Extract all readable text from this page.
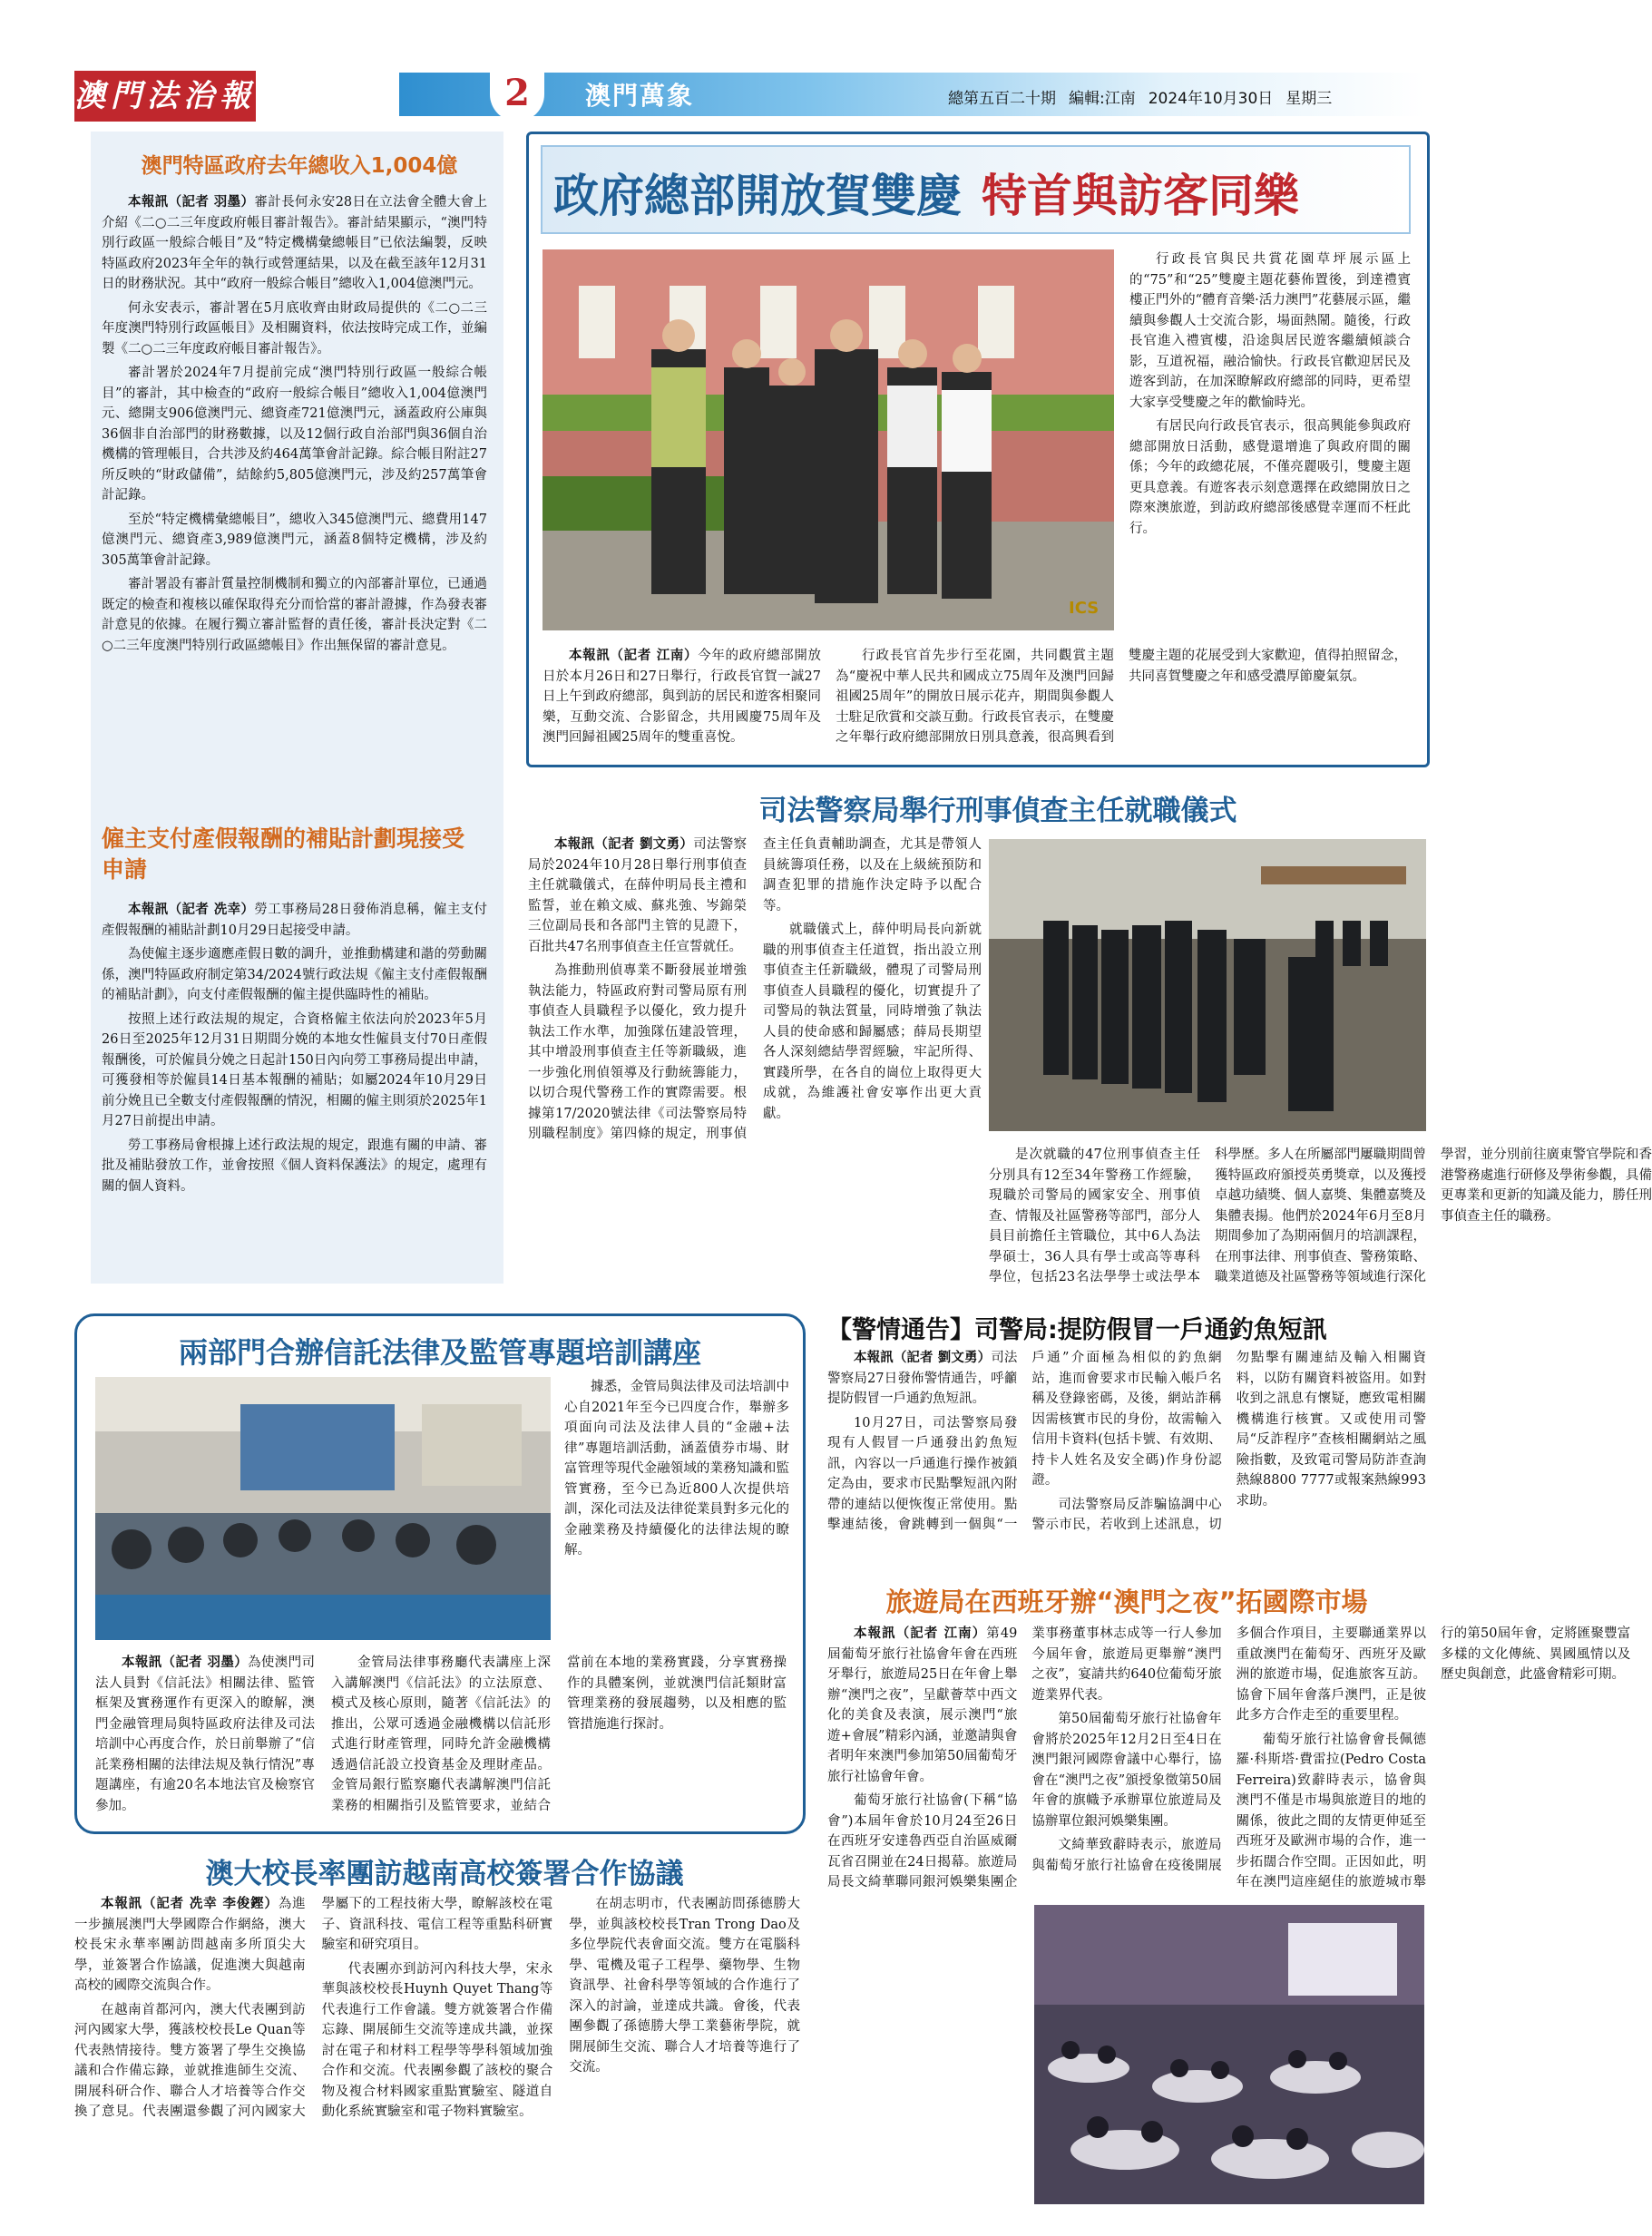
澳門法治報	2	澳門萬象	總第五百二十期 編輯:江南 2024年10月30日 星期三
澳門特區政府去年總收入1,004億

本報訊（記者 羽墨）審計長何永安28日在立法會全體大會上介紹《二○二三年度政府帳目審計報告》。審計結果顯示，“澳門特別行政區一般綜合帳目”及“特定機構彙總帳目”已依法編製，反映特區政府2023年全年的執行或營運結果，以及在截至該年12月31日的財務狀況。其中“政府一般綜合帳目”總收入1,004億澳門元。

何永安表示，審計署在5月底收齊由財政局提供的《二○二三年度澳門特別行政區帳目》及相關資料，依法按時完成工作，並編製《二○二三年度政府帳目審計報告》。

審計署於2024年7月提前完成“澳門特別行政區一般綜合帳目”的審計，其中檢查的“政府一般綜合帳目”總收入1,004億澳門元、總開支906億澳門元、總資產721億澳門元，涵蓋政府公庫與36個非自治部門的財務數據，以及12個行政自治部門與36個自治機構的管理帳目，合共涉及約464萬筆會計記錄。綜合帳目附註27所反映的“財政儲備”，結餘約5,805億澳門元，涉及約257萬筆會計記錄。

至於“特定機構彙總帳目”，總收入345億澳門元、總費用147億澳門元、總資產3,989億澳門元，涵蓋8個特定機構，涉及約305萬筆會計記錄。

審計署設有審計質量控制機制和獨立的內部審計單位，已通過既定的檢查和複核以確保取得充分而恰當的審計證據，作為發表審計意見的依據。在履行獨立審計監督的責任後，審計長決定對《二○二三年度澳門特別行政區總帳目》作出無保留的審計意見。

僱主支付產假報酬的補貼計劃現接受申請

本報訊（記者 冼幸）勞工事務局28日發佈消息稱，僱主支付產假報酬的補貼計劃10月29日起接受申請。

為使僱主逐步適應產假日數的調升，並推動構建和諧的勞動關係，澳門特區政府制定第34/2024號行政法規《僱主支付產假報酬的補貼計劃》，向支付產假報酬的僱主提供臨時性的補貼。

按照上述行政法規的規定，合資格僱主依法向於2023年5月26日至2025年12月31日期間分娩的本地女性僱員支付70日產假報酬後，可於僱員分娩之日起計150日內向勞工事務局提出申請，可獲發相等於僱員14日基本報酬的補貼；如屬2024年10月29日前分娩且已全數支付產假報酬的情況，相關的僱主則須於2025年1月27日前提出申請。

勞工事務局會根據上述行政法規的規定，跟進有關的申請、審批及補貼發放工作，並會按照《個人資料保護法》的規定，處理有關的個人資料。

政府總部開放賀雙慶 特首與訪客同樂
ICS

本報訊（記者 江南）今年的政府總部開放日於本月26日和27日舉行，行政長官賀一誠27日上午到政府總部，與到訪的居民和遊客相聚同樂，互動交流、合影留念，共用國慶75周年及澳門回歸祖國25周年的雙重喜悅。

行政長官首先步行至花園，共同觀賞主題為“慶祝中華人民共和國成立75周年及澳門回歸祖國25周年”的開放日展示花卉，期間與參觀人士駐足欣賞和交談互動。行政長官表示，在雙慶之年舉行政府總部開放日別具意義，很高興看到雙慶主題的花展受到大家歡迎，值得拍照留念，共同喜賀雙慶之年和感受濃厚節慶氣氛。

行政長官與民共賞花園草坪展示區上的“75”和“25”雙慶主題花藝佈置後，到達禮賓樓正門外的“體育音樂·活力澳門”花藝展示區，繼續與參觀人士交流合影，場面熱鬧。隨後，行政長官進入禮賓樓，沿途與居民遊客繼續傾談合影，互道祝福，融洽愉快。行政長官歡迎居民及遊客到訪，在加深瞭解政府總部的同時，更希望大家享受雙慶之年的歡愉時光。

有居民向行政長官表示，很高興能參與政府總部開放日活動，感覺還增進了與政府間的關係；今年的政總花展，不僅亮麗吸引，雙慶主題更具意義。有遊客表示刻意選擇在政總開放日之際來澳旅遊，到訪政府總部後感覺幸運而不枉此行。

司法警察局舉行刑事偵查主任就職儀式

本報訊（記者 劉文勇）司法警察局於2024年10月28日舉行刑事偵查主任就職儀式，在薛仲明局長主禮和監誓，並在賴文威、蘇兆強、岑錦榮三位副局長和各部門主管的見證下，百批共47名刑事偵查主任宣誓就任。

為推動刑偵專業不斷發展並增強執法能力，特區政府對司警局原有刑事偵查人員職程予以優化，致力提升執法工作水準，加強隊伍建設管理，其中增設刑事偵查主任等新職級，進一步強化刑偵領導及行動統籌能力，以切合現代警務工作的實際需要。根據第17/2020號法律《司法警察局特別職程制度》第四條的規定，刑事偵查主任負責輔助調查，尤其是帶領人員統籌項任務，以及在上級統預防和調查犯罪的措施作決定時予以配合等。

就職儀式上，薛仲明局長向新就職的刑事偵查主任道賀，指出設立刑事偵查主任新職級，體現了司警局刑事偵查人員職程的優化，切實提升了司警局的執法質量，同時增強了執法人員的使命感和歸屬感；薛局長期望各人深刻總結學習經驗，牢記所得、實踐所學，在各自的崗位上取得更大成就，為維護社會安寧作出更大貢獻。

是次就職的47位刑事偵查主任分別具有12至34年警務工作經驗，現職於司警局的國家安全、刑事偵查、情報及社區警務等部門，部分人員目前擔任主管職位，其中6人為法學碩士，36人具有學士或高等專科學位，包括23名法學學士或法學本科學歷。多人在所屬部門屢職期間曾獲特區政府頒授英勇獎章，以及獲授卓越功績獎、個人嘉獎、集體嘉獎及集體表揚。他們於2024年6月至8月期間參加了為期兩個月的培訓課程，在刑事法律、刑事偵查、警務策略、職業道德及社區警務等領域進行深化學習，並分別前往廣東警官學院和香港警務處進行研修及學術參觀，具備更專業和更新的知識及能力，勝任刑事偵查主任的職務。

兩部門合辦信託法律及監管專題培訓講座

本報訊（記者 羽墨）為使澳門司法人員對《信託法》相關法律、監管框架及實務運作有更深入的瞭解，澳門金融管理局與特區政府法律及司法培訓中心再度合作，於日前舉辦了“信託業務相關的法律法規及執行情況”專題講座，有逾20名本地法官及檢察官參加。

金管局法律事務廳代表講座上深入講解澳門《信託法》的立法原意、模式及核心原則，隨著《信託法》的推出，公眾可透過金融機構以信託形式進行財產管理，同時允許金融機構透過信託設立投資基金及理財產品。金管局銀行監察廳代表講解澳門信託業務的相關指引及監管要求，並結合當前在本地的業務實踐，分享實務操作的具體案例，並就澳門信託類財富管理業務的發展趨勢，以及相應的監管措施進行探討。

據悉，金管局與法律及司法培訓中心自2021年至今已四度合作，舉辦多項面向司法及法律人員的“金融+法律”專題培訓活動，涵蓋債券市場、財富管理等現代金融領域的業務知識和監管實務，至今已為近800人次提供培訓，深化司法及法律從業員對多元化的金融業務及持續優化的法律法規的瞭解。

澳大校長率團訪越南高校簽署合作協議

本報訊（記者 冼幸 李俊鏗）為進一步擴展澳門大學國際合作網絡，澳大校長宋永華率團訪問越南多所頂尖大學，並簽署合作協議，促進澳大與越南高校的國際交流與合作。

在越南首都河內，澳大代表團到訪河內國家大學，獲該校校長Le Quan等代表熱情接待。雙方簽署了學生交換協議和合作備忘錄，並就推進師生交流、開展科研合作、聯合人才培養等合作交換了意見。代表團還參觀了河內國家大學屬下的工程技術大學，瞭解該校在電子、資訊科技、電信工程等重點科研實驗室和研究項目。

代表團亦到訪河內科技大學，宋永華與該校校長Huynh Quyet Thang等代表進行工作會議。雙方就簽署合作備忘錄、開展師生交流等達成共識，並探討在電子和材料工程學等學科領域加強合作和交流。代表團參觀了該校的聚合物及複合材料國家重點實驗室、隧道自動化系統實驗室和電子物料實驗室。

在胡志明市，代表團訪問孫德勝大學，並與該校校長Tran Trong Dao及多位學院代表會面交流。雙方在電腦科學、電機及電子工程學、藥物學、生物資訊學、社會科學等領域的合作進行了深入的討論，並達成共識。會後，代表團參觀了孫德勝大學工業藝術學院，就開展師生交流、聯合人才培養等進行了交流。

【警情通告】司警局:提防假冒一戶通釣魚短訊

本報訊（記者 劉文勇）司法警察局27日發佈警情通告，呼籲提防假冒一戶通釣魚短訊。

10月27日，司法警察局發現有人假冒一戶通發出釣魚短訊，內容以一戶通進行操作被鎖定為由，要求市民點擊短訊內附帶的連結以便恢復正常使用。點擊連結後，會跳轉到一個與“一戶通”介面極為相似的釣魚網站，進而會要求市民輸入帳戶名稱及登錄密碼，及後，網站詐稱因需核實市民的身份，故需輸入信用卡資料(包括卡號、有效期、持卡人姓名及安全碼)作身份認證。

司法警察局反詐騙協調中心警示市民，若收到上述訊息，切勿點擊有關連結及輸入相關資料，以防有關資料被盜用。如對收到之訊息有懷疑，應致電相關機構進行核實。又或使用司警局“反詐程序”查核相關網站之風險指數，及致電司警局防詐查詢熱線8800 7777或報案熱線993求助。

旅遊局在西班牙辦“澳門之夜”拓國際市場

本報訊（記者 江南）第49屆葡萄牙旅行社協會年會在西班牙舉行，旅遊局25日在年會上舉辦“澳門之夜”，呈獻薈萃中西文化的美食及表演，展示澳門“旅遊+會展”精彩內涵，並邀請與會者明年來澳門參加第50屆葡萄牙旅行社協會年會。

葡萄牙旅行社協會(下稱“協會”)本屆年會於10月24至26日在西班牙安達魯西亞自治區威爾瓦省召開並在24日揭幕。旅遊局局長文綺華聯同銀河娛樂集團企業事務董事林志成等一行人參加今屆年會，旅遊局更舉辦“澳門之夜”，宴請共約640位葡萄牙旅遊業界代表。

第50屆葡萄牙旅行社協會年會將於2025年12月2日至4日在澳門銀河國際會議中心舉行，協會在“澳門之夜”頒授象徵第50屆年會的旗幟予承辦單位旅遊局及協辦單位銀河娛樂集團。

文綺華致辭時表示，旅遊局與葡萄牙旅行社協會在疫後開展多個合作項目，主要聯通業界以重啟澳門在葡萄牙、西班牙及歐洲的旅遊市場，促進旅客互訪。協會下屆年會落戶澳門，正是彼此多方合作走至的重要里程。

葡萄牙旅行社協會會長佩德羅·科斯塔·費雷拉(Pedro Costa Ferreira)致辭時表示，協會與澳門不僅是市場與旅遊目的地的關係，彼此之間的友情更伸延至西班牙及歐洲市場的合作，進一步拓闊合作空間。正因如此，明年在澳門這座絕佳的旅遊城市舉行的第50屆年會，定將匯聚豐富多樣的文化傳統、異國風情以及歷史與創意，此盛會精彩可期。
